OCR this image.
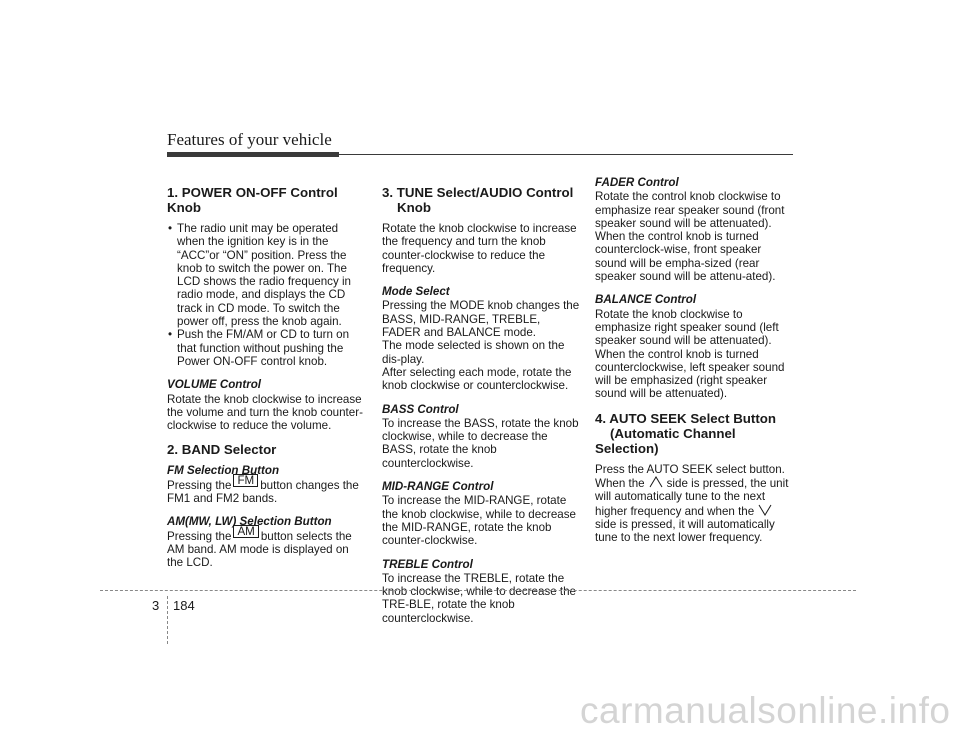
Features of your vehicle
1. POWER ON-OFF Control Knob
• The radio unit may be operated when the ignition key is in the “ACC”or “ON” position. Press the knob to switch the power on. The LCD shows the radio frequency in radio mode, and displays the CD track in CD mode. To switch the power off, press the knob again.
• Push the FM/AM or CD to turn on that function without pushing the Power ON-OFF control knob.
VOLUME Control

Rotate the knob clockwise to increase the volume and turn the knob counter-clockwise to reduce the volume.

2. BAND Selector
FM Selection Button

Pressing the FM button changes the FM1 and FM2 bands.

AM(MW, LW) Selection Button

Pressing the AM button selects the AM band. AM mode is displayed on the LCD.

3. TUNE Select/AUDIO Control
Knob

Rotate the knob clockwise to increase the frequency and turn the knob counter-clockwise to reduce the frequency.

Mode Select

Pressing the MODE knob changes the BASS, MID-RANGE, TREBLE, FADER and BALANCE mode.

The mode selected is shown on the dis-play.

After selecting each mode, rotate the knob clockwise or counterclockwise.

BASS Control

To increase the BASS, rotate the knob clockwise, while to decrease the BASS, rotate the knob counterclockwise.

MID-RANGE Control

To increase the MID-RANGE, rotate the knob clockwise, while to decrease the MID-RANGE, rotate the knob counter-clockwise.

TREBLE Control

To increase the TREBLE, rotate the knob clockwise, while to decrease the TRE-BLE, rotate the knob counterclockwise.

FADER Control

Rotate the control knob clockwise to emphasize rear speaker sound (front speaker sound will be attenuated). When the control knob is turned counterclock-wise, front speaker sound will be empha-sized (rear speaker sound will be attenu-ated).

BALANCE Control

Rotate the knob clockwise to emphasize right speaker sound (left speaker sound will be attenuated). When the control knob is turned counterclockwise, left speaker sound will be emphasized (right speaker sound will be attenuated).

4. AUTO SEEK Select Button
(Automatic Channel Selection)

Press the AUTO SEEK select button. When the side is pressed, the unit will automatically tune to the next higher frequency and when theside is pressed, it will automatically tune to the next lower frequency.

3 184
carmanualsonline.info
